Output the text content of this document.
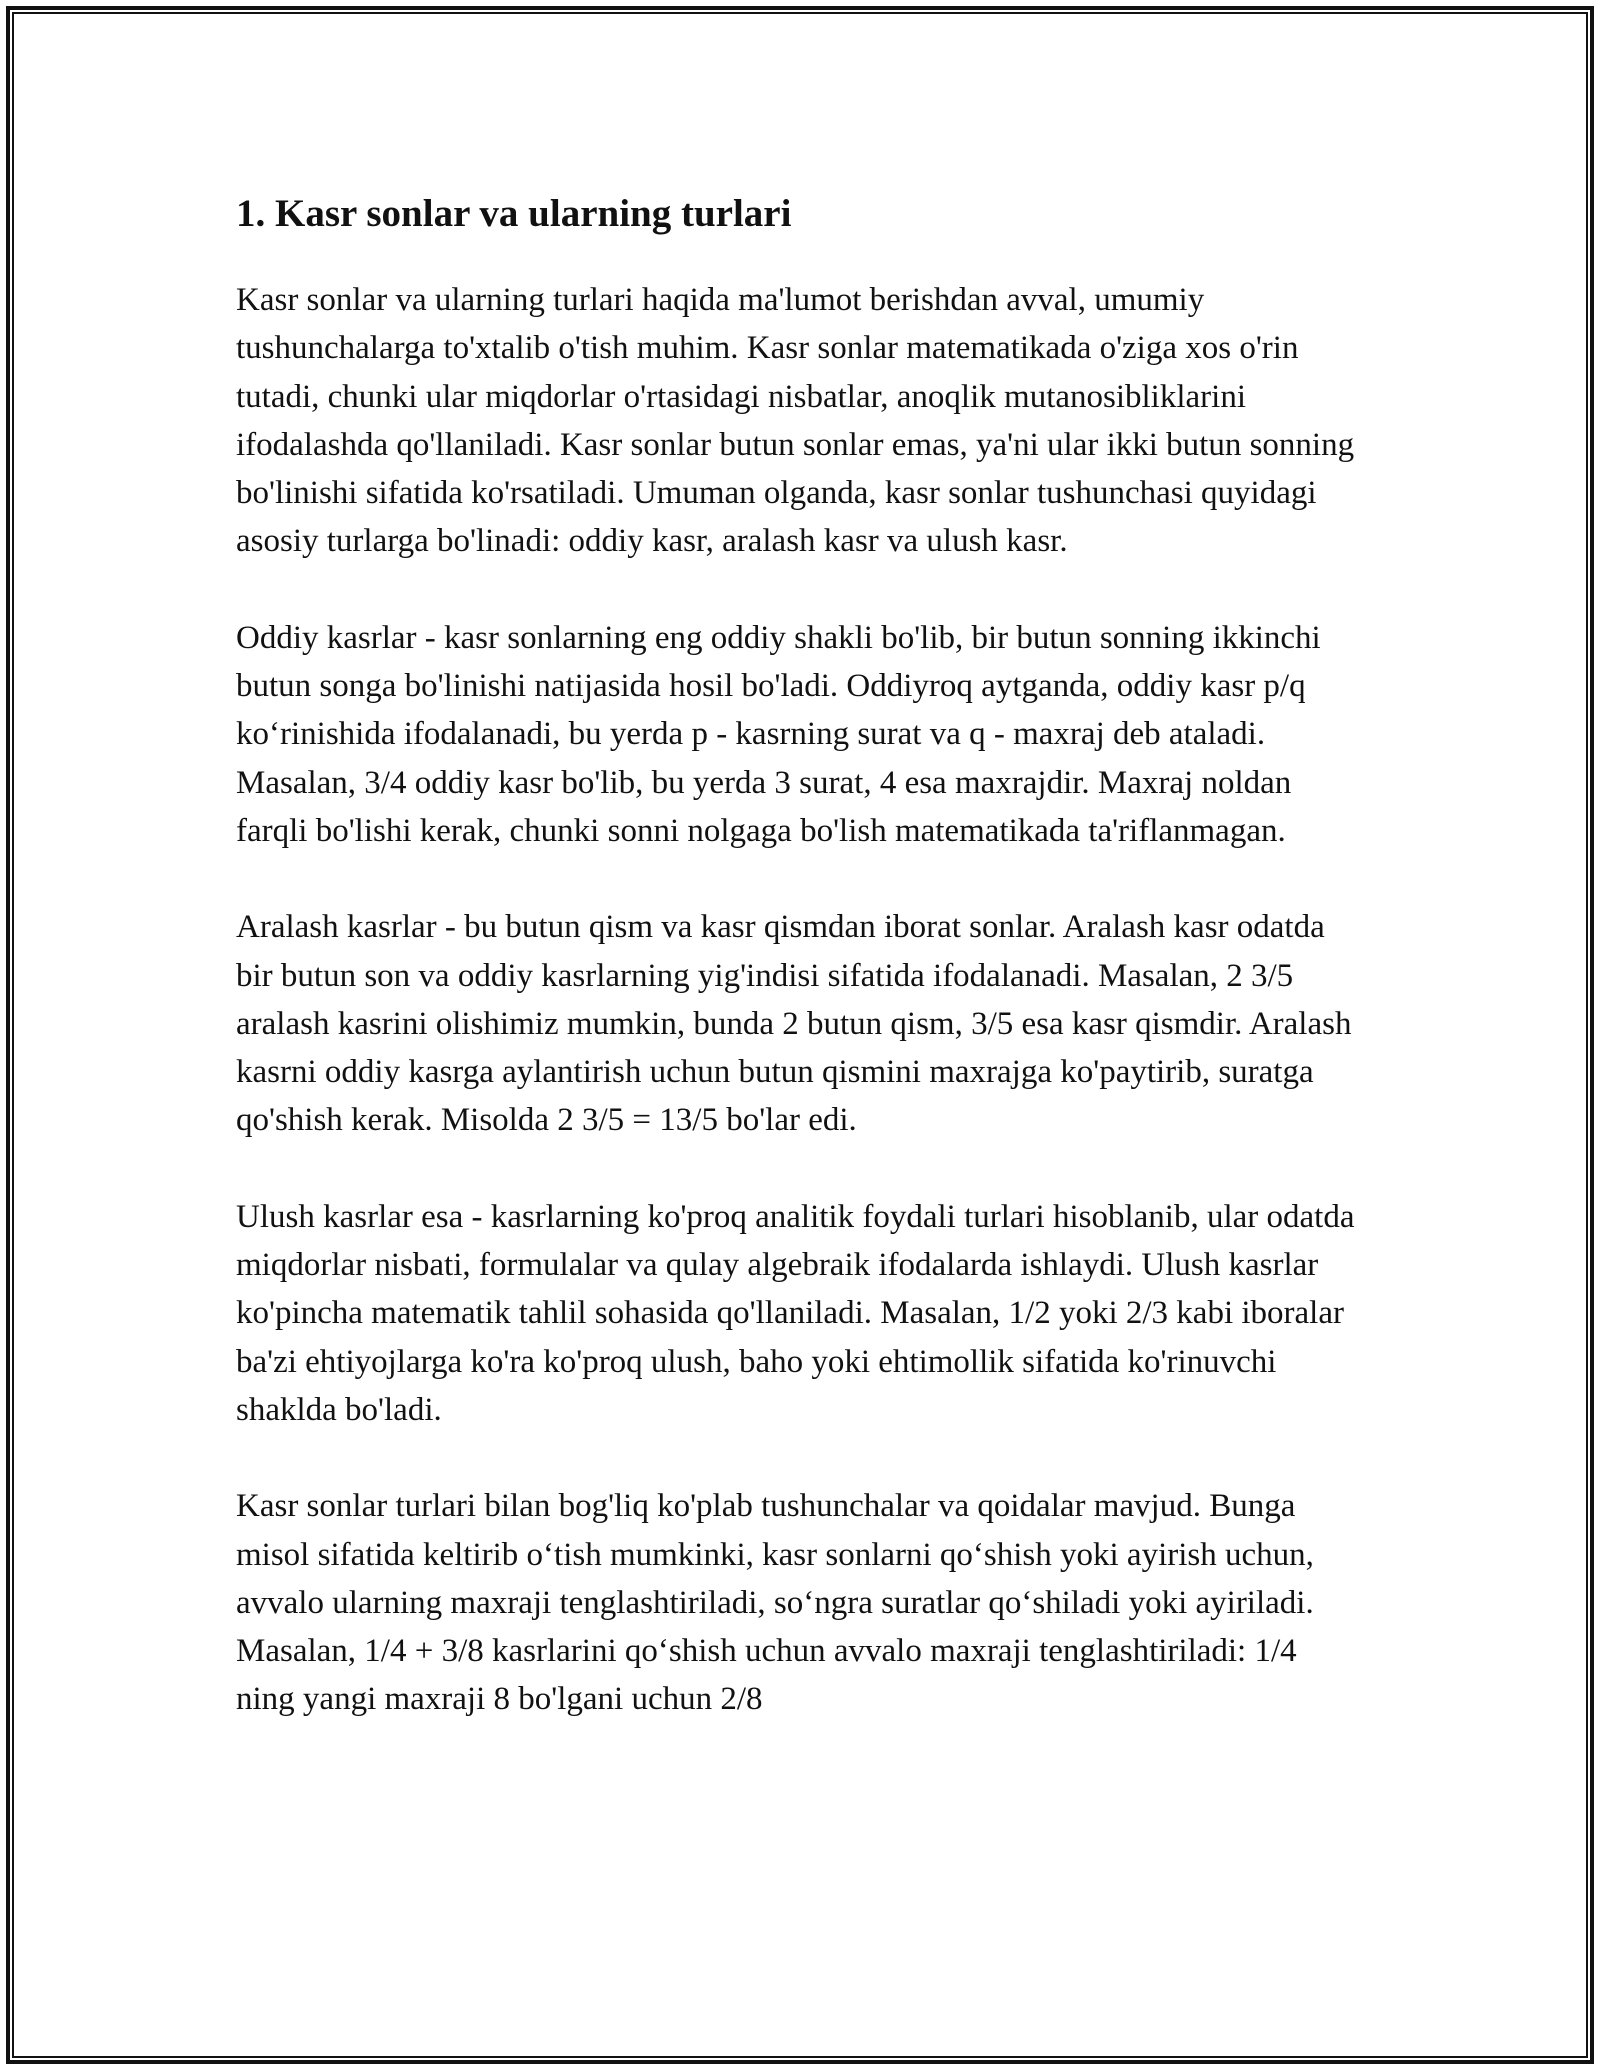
1. Kasr sonlar va ularning turlari

Kasr sonlar va ularning turlari haqida ma'lumot berishdan avval, umumiy tushunchalarga to'xtalib o'tish muhim. Kasr sonlar matematikada o'ziga xos o'rin tutadi, chunki ular miqdorlar o'rtasidagi nisbatlar, anoqlik mutanosibliklarini ifodalashda qo'llaniladi. Kasr sonlar butun sonlar emas, ya'ni ular ikki butun sonning bo'linishi sifatida ko'rsatiladi. Umuman olganda, kasr sonlar tushunchasi quyidagi asosiy turlarga bo'linadi: oddiy kasr, aralash kasr va ulush kasr.

Oddiy kasrlar - kasr sonlarning eng oddiy shakli bo'lib, bir butun sonning ikkinchi butun songa bo'linishi natijasida hosil bo'ladi. Oddiyroq aytganda, oddiy kasr p/q ko‘rinishida ifodalanadi, bu yerda p - kasrning surat va q - maxraj deb ataladi. Masalan, 3/4 oddiy kasr bo'lib, bu yerda 3 surat, 4 esa maxrajdir. Maxraj noldan farqli bo'lishi kerak, chunki sonni nolgaga bo'lish matematikada ta'riflanmagan.

Aralash kasrlar - bu butun qism va kasr qismdan iborat sonlar. Aralash kasr odatda bir butun son va oddiy kasrlarning yig'indisi sifatida ifodalanadi. Masalan, 2 3/5 aralash kasrini olishimiz mumkin, bunda 2 butun qism, 3/5 esa kasr qismdir. Aralash kasrni oddiy kasrga aylantirish uchun butun qismini maxrajga ko'paytirib, suratga qo'shish kerak. Misolda 2 3/5 = 13/5 bo'lar edi.

Ulush kasrlar esa - kasrlarning ko'proq analitik foydali turlari hisoblanib, ular odatda miqdorlar nisbati, formulalar va qulay algebraik ifodalarda ishlaydi. Ulush kasrlar ko'pincha matematik tahlil sohasida qo'llaniladi. Masalan, 1/2 yoki 2/3 kabi iboralar ba'zi ehtiyojlarga ko'ra ko'proq ulush, baho yoki ehtimollik sifatida ko'rinuvchi shaklda bo'ladi.

Kasr sonlar turlari bilan bog'liq ko'plab tushunchalar va qoidalar mavjud. Bunga misol sifatida keltirib o‘tish mumkinki, kasr sonlarni qo‘shish yoki ayirish uchun, avvalo ularning maxraji tenglashtiriladi, so‘ngra suratlar qo‘shiladi yoki ayiriladi. Masalan, 1/4 + 3/8 kasrlarini qo‘shish uchun avvalo maxraji tenglashtiriladi: 1/4 ning yangi maxraji 8 bo'lgani uchun 2/8
